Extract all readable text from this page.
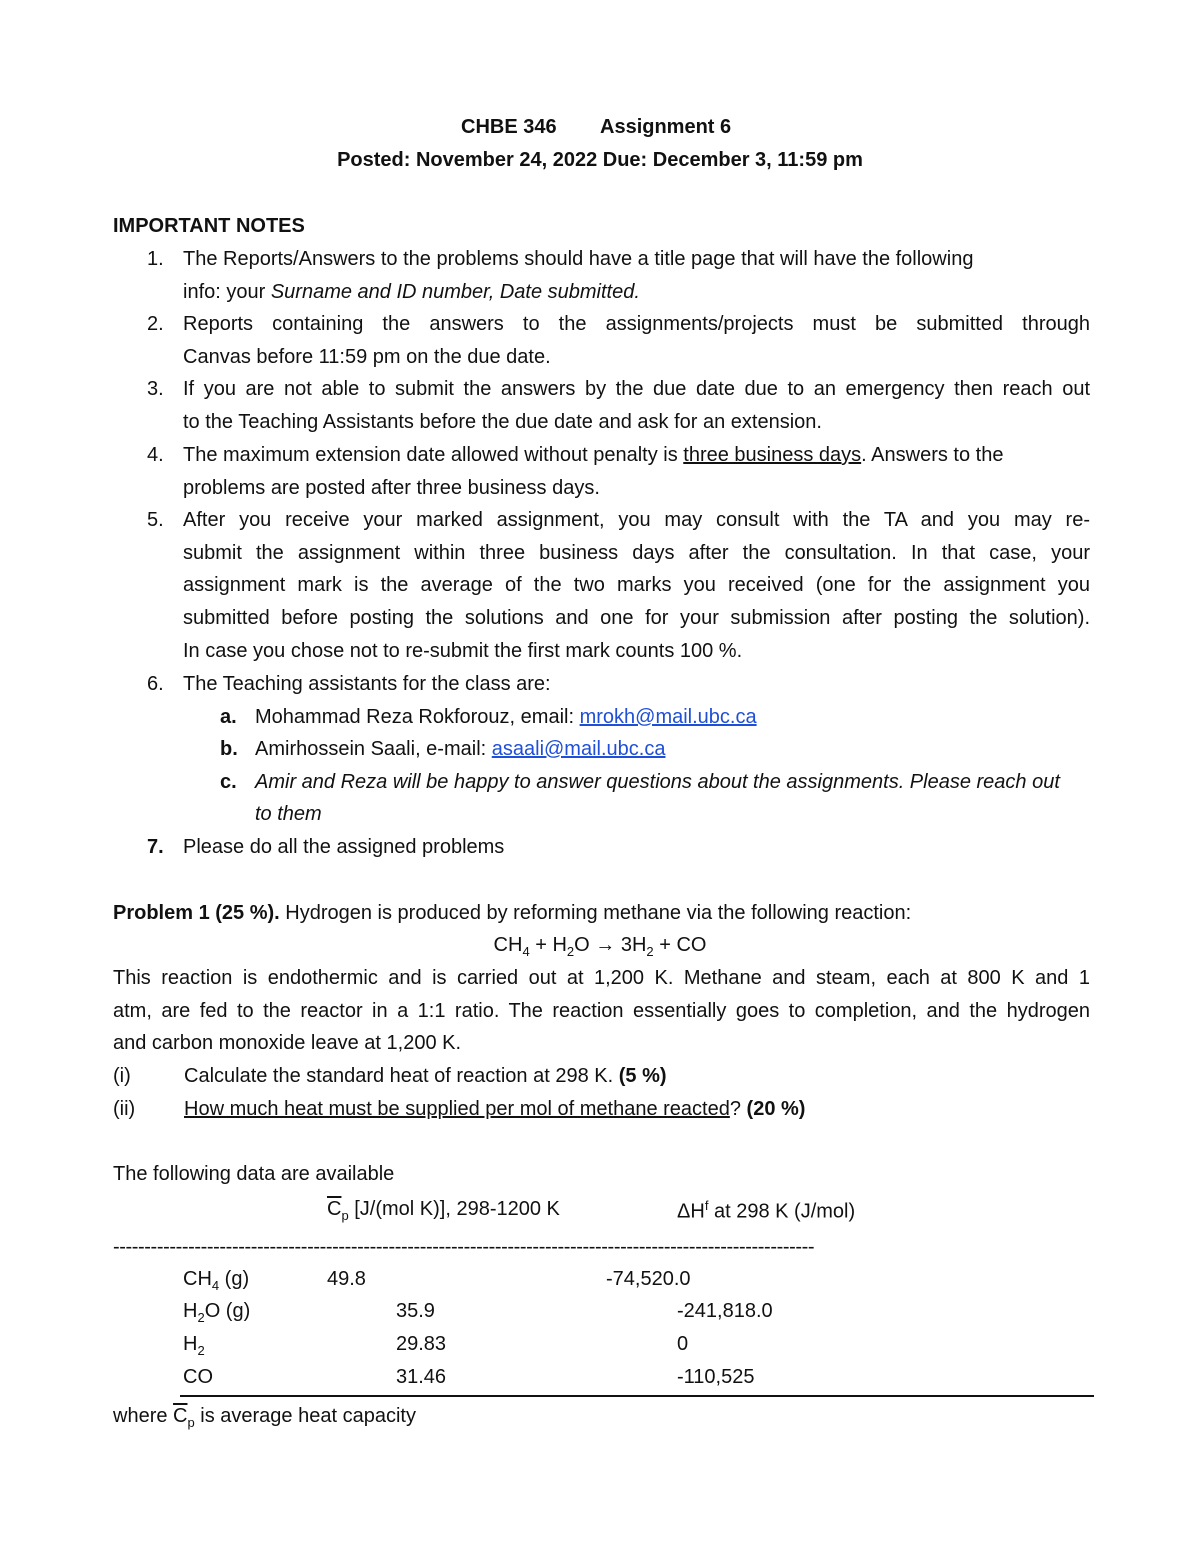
CHBE 346 Assignment 6
Posted: November 24, 2022 Due: December 3, 11:59 pm
IMPORTANT NOTES
1. The Reports/Answers to the problems should have a title page that will have the following
info: your Surname and ID number, Date submitted.
2. Reports containing the answers to the assignments/projects must be submitted through
Canvas before 11:59 pm on the due date.
3. If you are not able to submit the answers by the due date due to an emergency then reach out
to the Teaching Assistants before the due date and ask for an extension.
4. The maximum extension date allowed without penalty is three business days. Answers to the
problems are posted after three business days.
5. After you receive your marked assignment, you may consult with the TA and you may re-
submit the assignment within three business days after the consultation. In that case, your
assignment mark is the average of the two marks you received (one for the assignment you
submitted before posting the solutions and one for your submission after posting the solution).
In case you chose not to re-submit the first mark counts 100 %.
6. The Teaching assistants for the class are:
a. Mohammad Reza Rokforouz, email: mrokh@mail.ubc.ca
b. Amirhossein Saali, e-mail: asaali@mail.ubc.ca
c. Amir and Reza will be happy to answer questions about the assignments. Please reach out
to them
7. Please do all the assigned problems
Problem 1 (25 %). Hydrogen is produced by reforming methane via the following reaction:
$CH_4 + H_2O \to 3H_2$ + CO
This reaction is endothermic and is carried out at 1,200 K. Methane and steam, each at 800 K and 1
atm, are fed to the reactor in a 1:1 ratio. The reaction essentially goes to completion, and the hydrogen
and carbon monoxide leave at 1,200 K.
(i)	Calculate the standard heat of reaction at 298 K. (5 %)
(ii) How much heat must be supplied per mol of methane reacted? (20 %)
The following data are available
$\overline{C}_p$ [J/(mol K)], 298-1200 K	$\Delta H^f$ at 298 K (J/mol)
----------------------------------------------------------------------------------------------------------------
$CH_4$ (g)	49.8	-74,520.0
$H_2O$ (g)	35.9	-241,818.0
$H_2$	29.83	0
CO	31.46	-110,525
where $\overline{C}_p$ is average heat capacity
